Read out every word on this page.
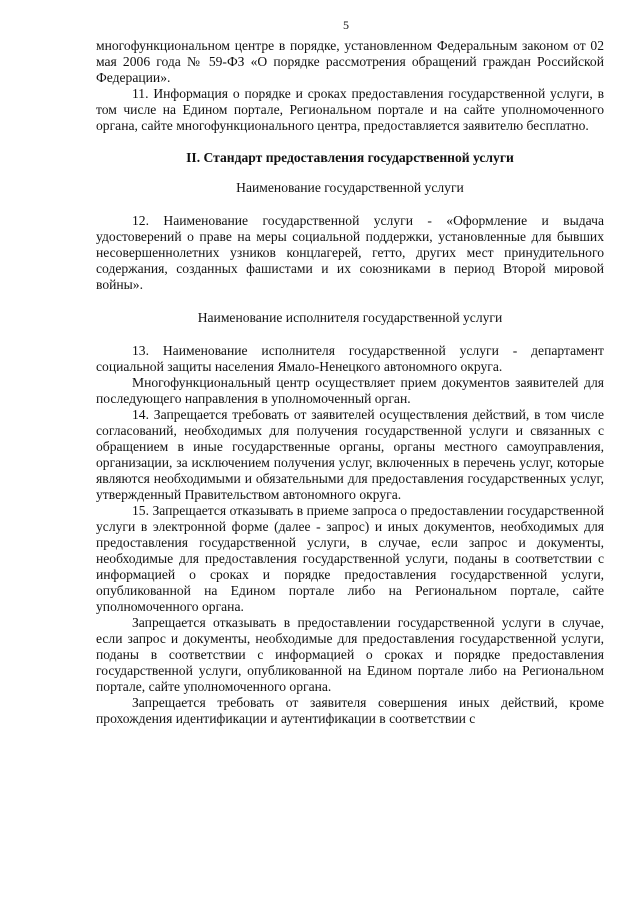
5

многофункциональном центре в порядке, установленном Федеральным законом от 02 мая 2006 года № 59-ФЗ «О порядке рассмотрения обращений граждан Российской Федерации».

11. Информация о порядке и сроках предоставления государственной услуги, в том числе на Едином портале, Региональном портале и на сайте уполномоченного органа, сайте многофункционального центра, предоставляется заявителю бесплатно.

II. Стандарт предоставления государственной услуги
Наименование государственной услуги

12. Наименование государственной услуги - «Оформление и выдача удостоверений о праве на меры социальной поддержки, установленные для бывших несовершеннолетних узников концлагерей, гетто, других мест принудительного содержания, созданных фашистами и их союзниками в период Второй мировой войны».

Наименование исполнителя государственной услуги

13. Наименование исполнителя государственной услуги - департамент социальной защиты населения Ямало-Ненецкого автономного округа.

Многофункциональный центр осуществляет прием документов заявителей для последующего направления в уполномоченный орган.

14. Запрещается требовать от заявителей осуществления действий, в том числе согласований, необходимых для получения государственной услуги и связанных с обращением в иные государственные органы, органы местного самоуправления, организации, за исключением получения услуг, включенных в перечень услуг, которые являются необходимыми и обязательными для предоставления государственных услуг, утвержденный Правительством автономного округа.

15. Запрещается отказывать в приеме запроса о предоставлении государственной услуги в электронной форме (далее - запрос) и иных документов, необходимых для предоставления государственной услуги, в случае, если запрос и документы, необходимые для предоставления государственной услуги, поданы в соответствии с информацией о сроках и порядке предоставления государственной услуги, опубликованной на Едином портале либо на Региональном портале, сайте уполномоченного органа.

Запрещается отказывать в предоставлении государственной услуги в случае, если запрос и документы, необходимые для предоставления государственной услуги, поданы в соответствии с информацией о сроках и порядке предоставления государственной услуги, опубликованной на Едином портале либо на Региональном портале, сайте уполномоченного органа.

Запрещается требовать от заявителя совершения иных действий, кроме прохождения идентификации и аутентификации в соответствии с
